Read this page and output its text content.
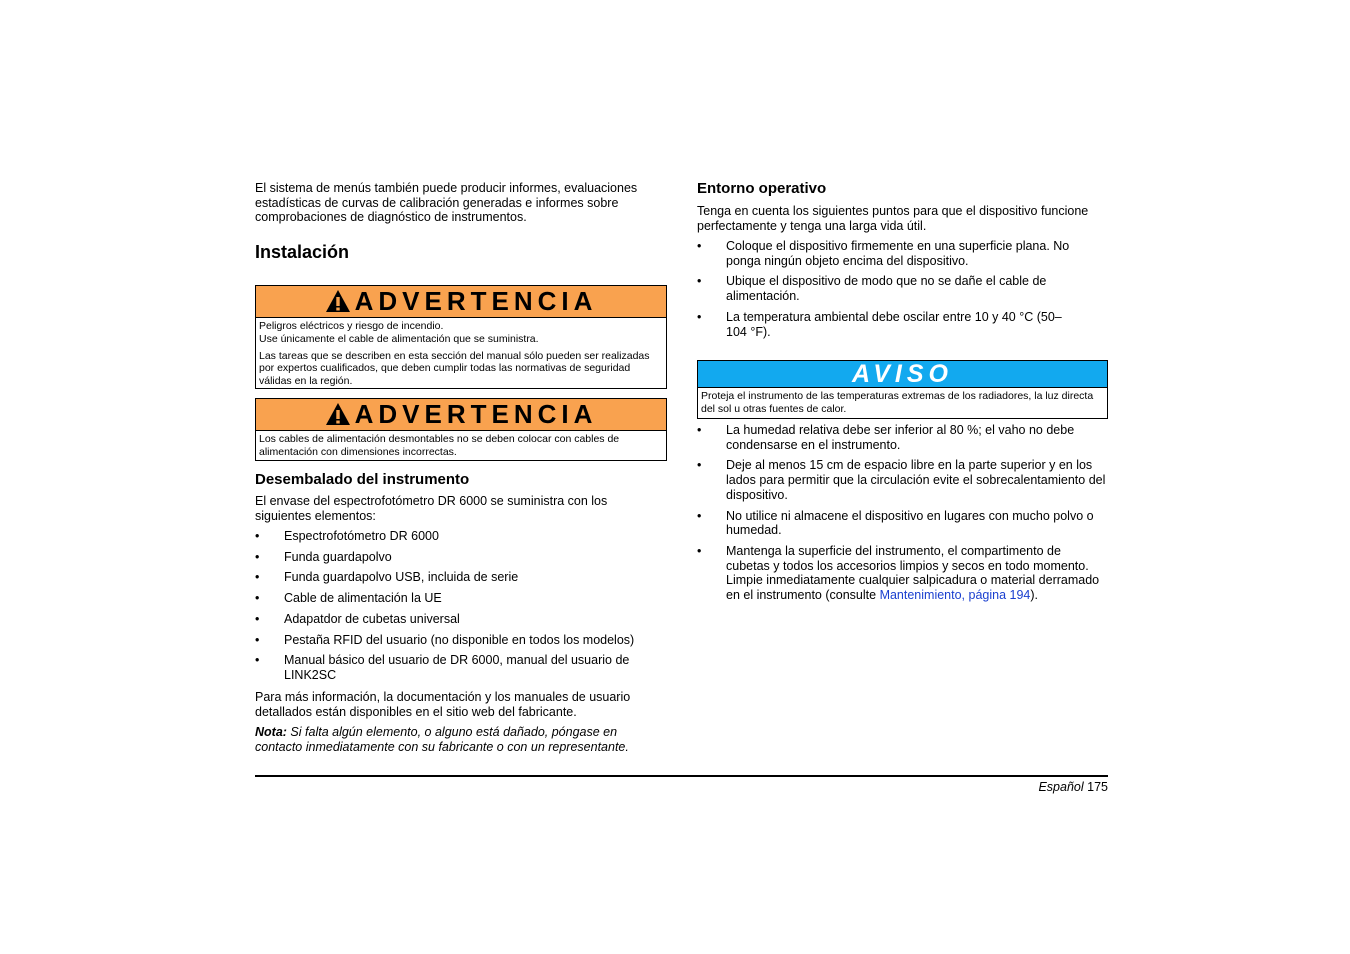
El sistema de menús también puede producir informes, evaluaciones estadísticas de curvas de calibración generadas e informes sobre comprobaciones de diagnóstico de instrumentos.

Instalación
ADVERTENCIA

Peligros eléctricos y riesgo de incendio.
Use únicamente el cable de alimentación que se suministra.

Las tareas que se describen en esta sección del manual sólo pueden ser realizadas por expertos cualificados, que deben cumplir todas las normativas de seguridad válidas en la región.

ADVERTENCIA

Los cables de alimentación desmontables no se deben colocar con cables de alimentación con dimensiones incorrectas.

Desembalado del instrumento

El envase del espectrofotómetro DR 6000 se suministra con los siguientes elementos:

• Espectrofotómetro DR 6000
• Funda guardapolvo
• Funda guardapolvo USB, incluida de serie
• Cable de alimentación la UE
• Adapatdor de cubetas universal
• Pestaña RFID del usuario (no disponible en todos los modelos)
• Manual básico del usuario de DR 6000, manual del usuario de LINK2SC

Para más información, la documentación y los manuales de usuario detallados están disponibles en el sitio web del fabricante.

Nota: Si falta algún elemento, o alguno está dañado, póngase en contacto inmediatamente con su fabricante o con un representante.

Entorno operativo

Tenga en cuenta los siguientes puntos para que el dispositivo funcione perfectamente y tenga una larga vida útil.

• Coloque el dispositivo firmemente en una superficie plana. No ponga ningún objeto encima del dispositivo.
• Ubique el dispositivo de modo que no se dañe el cable de alimentación.
• La temperatura ambiental debe oscilar entre 10 y 40 °C (50–104 °F).
AVISO

Proteja el instrumento de las temperaturas extremas de los radiadores, la luz directa del sol u otras fuentes de calor.

• La humedad relativa debe ser inferior al 80 %; el vaho no debe condensarse en el instrumento.
• Deje al menos 15 cm de espacio libre en la parte superior y en los lados para permitir que la circulación evite el sobrecalentamiento del dispositivo.
• No utilice ni almacene el dispositivo en lugares con mucho polvo o humedad.
• Mantenga la superficie del instrumento, el compartimento de cubetas y todos los accesorios limpios y secos en todo momento. Limpie inmediatamente cualquier salpicadura o material derramado en el instrumento (consulte Mantenimiento, página 194).
Español 175
